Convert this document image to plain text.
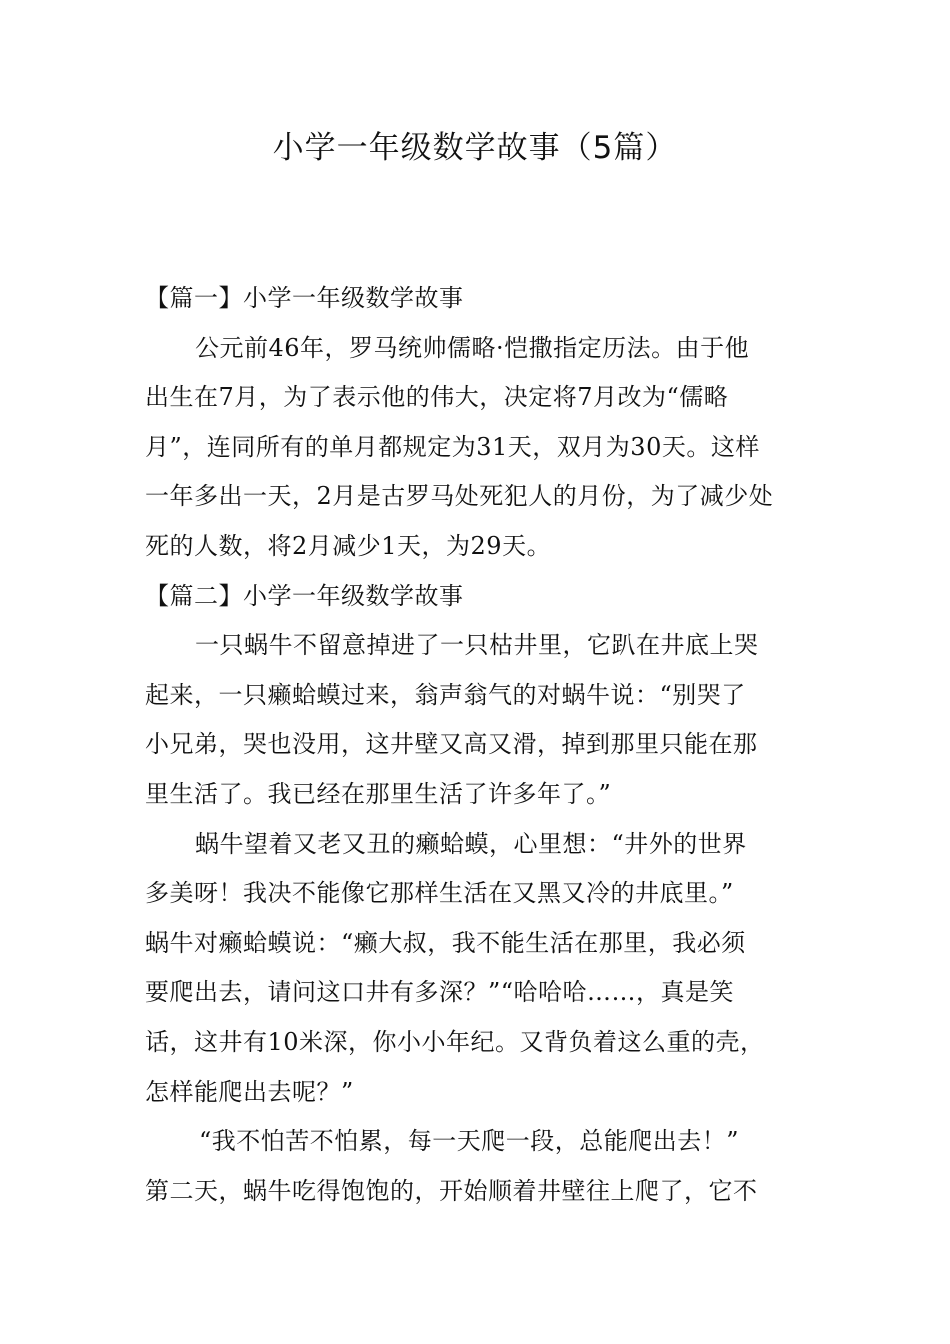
小学一年级数学故事（5篇）

【篇一】小学一年级数学故事

公元前46年，罗马统帅儒略·恺撒指定历法。由于他

出生在7月，为了表示他的伟大，决定将7月改为“儒略

月”，连同所有的单月都规定为31天，双月为30天。这样

一年多出一天，2月是古罗马处死犯人的月份，为了减少处

死的人数，将2月减少1天，为29天。

【篇二】小学一年级数学故事

一只蜗牛不留意掉进了一只枯井里，它趴在井底上哭

起来，一只癞蛤蟆过来，翁声翁气的对蜗牛说：“别哭了

小兄弟，哭也没用，这井壁又高又滑，掉到那里只能在那

里生活了。我已经在那里生活了许多年了。”

蜗牛望着又老又丑的癞蛤蟆，心里想：“井外的世界

多美呀！我决不能像它那样生活在又黑又冷的井底里。”

蜗牛对癞蛤蟆说：“癞大叔，我不能生活在那里，我必须

要爬出去，请问这口井有多深？”“哈哈哈……，真是笑

话，这井有10米深，你小小年纪。又背负着这么重的壳，

怎样能爬出去呢？”

“我不怕苦不怕累，每一天爬一段，总能爬出去！”

第二天，蜗牛吃得饱饱的，开始顺着井壁往上爬了，它不
